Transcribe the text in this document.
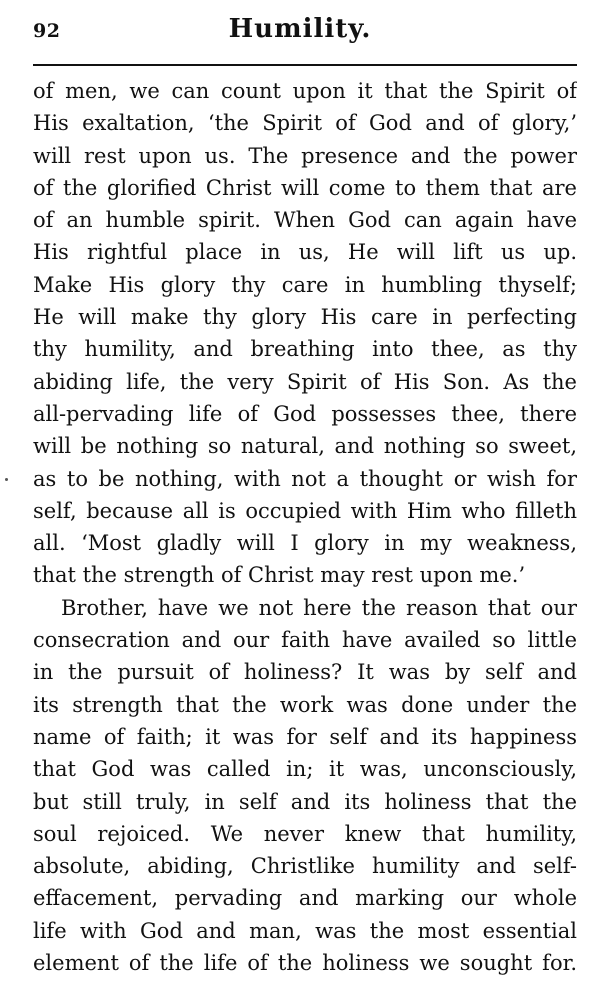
92	Humility.
of men, we can count upon it that the Spirit of
His exaltation, ‘the Spirit of God and of glory,’
will rest upon us. The presence and the power
of the glorified Christ will come to them that are
of an humble spirit. When God can again have
His rightful place in us, He will lift us up.
Make His glory thy care in humbling thyself;
He will make thy glory His care in perfecting
thy humility, and breathing into thee, as thy
abiding life, the very Spirit of His Son. As the
all-pervading life of God possesses thee, there
will be nothing so natural, and nothing so sweet,
as to be nothing, with not a thought or wish for
self, because all is occupied with Him who filleth
all. ‘Most gladly will I glory in my weakness,
that the strength of Christ may rest upon me.’
Brother, have we not here the reason that our
consecration and our faith have availed so little
in the pursuit of holiness? It was by self and
its strength that the work was done under the
name of faith; it was for self and its happiness
that God was called in; it was, unconsciously,
but still truly, in self and its holiness that the
soul rejoiced. We never knew that humility,
absolute, abiding, Christlike humility and self-
effacement, pervading and marking our whole
life with God and man, was the most essential
element of the life of the holiness we sought for.
